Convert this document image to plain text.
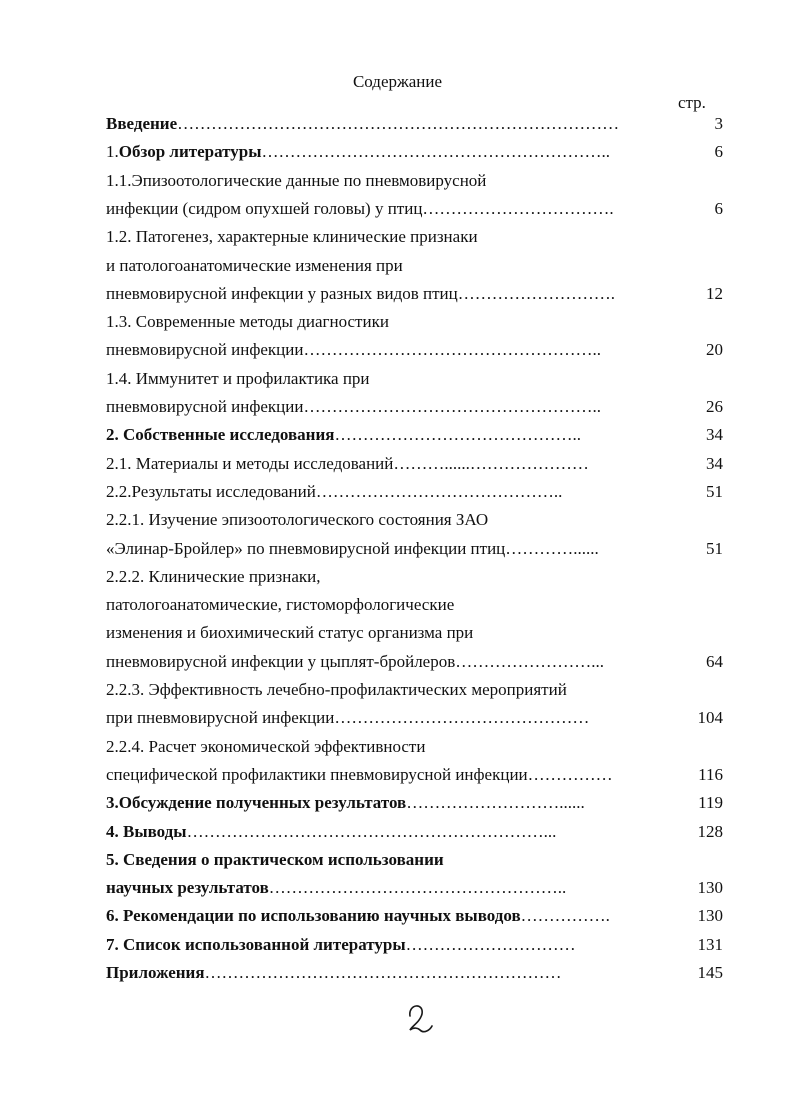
Содержание
стр.
Введение ……………………………………………………………………	3
1.Обзор литературы ……………………………………………………..	6
1.1.Эпизоотологические данные по пневмовирусной
инфекции (сидром опухшей головы) у птиц …………………………….	6
1.2. Патогенез, характерные клинические признаки
и патологоанатомические изменения при
пневмовирусной инфекции у разных видов птиц ……………………….	12
1.3. Современные методы диагностики
пневмовирусной инфекции ……………………………………………..	20
1.4. Иммунитет и профилактика при
пневмовирусной инфекции ……………………………………………..	26
2. Собственные исследования ……………………………………..	34
2.1. Материалы и методы исследований ………......…………………	34
2.2.Результаты исследований ……………………………………..	51
2.2.1. Изучение эпизоотологического состояния ЗАО
«Элинар-Бройлер» по пневмовирусной инфекции птиц …………......	51
2.2.2. Клинические признаки,
патологоанатомические, гистоморфологические
изменения и биохимический статус организма при
пневмовирусной инфекции у цыплят-бройлеров ……………………...	64
2.2.3. Эффективность лечебно-профилактических мероприятий
при пневмовирусной инфекции ………………………………………	104
2.2.4. Расчет экономической эффективности
специфической профилактики пневмовирусной инфекции ……………	116
3.Обсуждение полученных результатов ………………………......	119
4. Выводы ………………………………………………………...	128
5. Сведения о практическом использовании
научных результатов ……………………………………………..	130
6. Рекомендации по использованию научных выводов …………….	130
7. Список использованной литературы …………………………	131
Приложения ………………………………………………………	145
